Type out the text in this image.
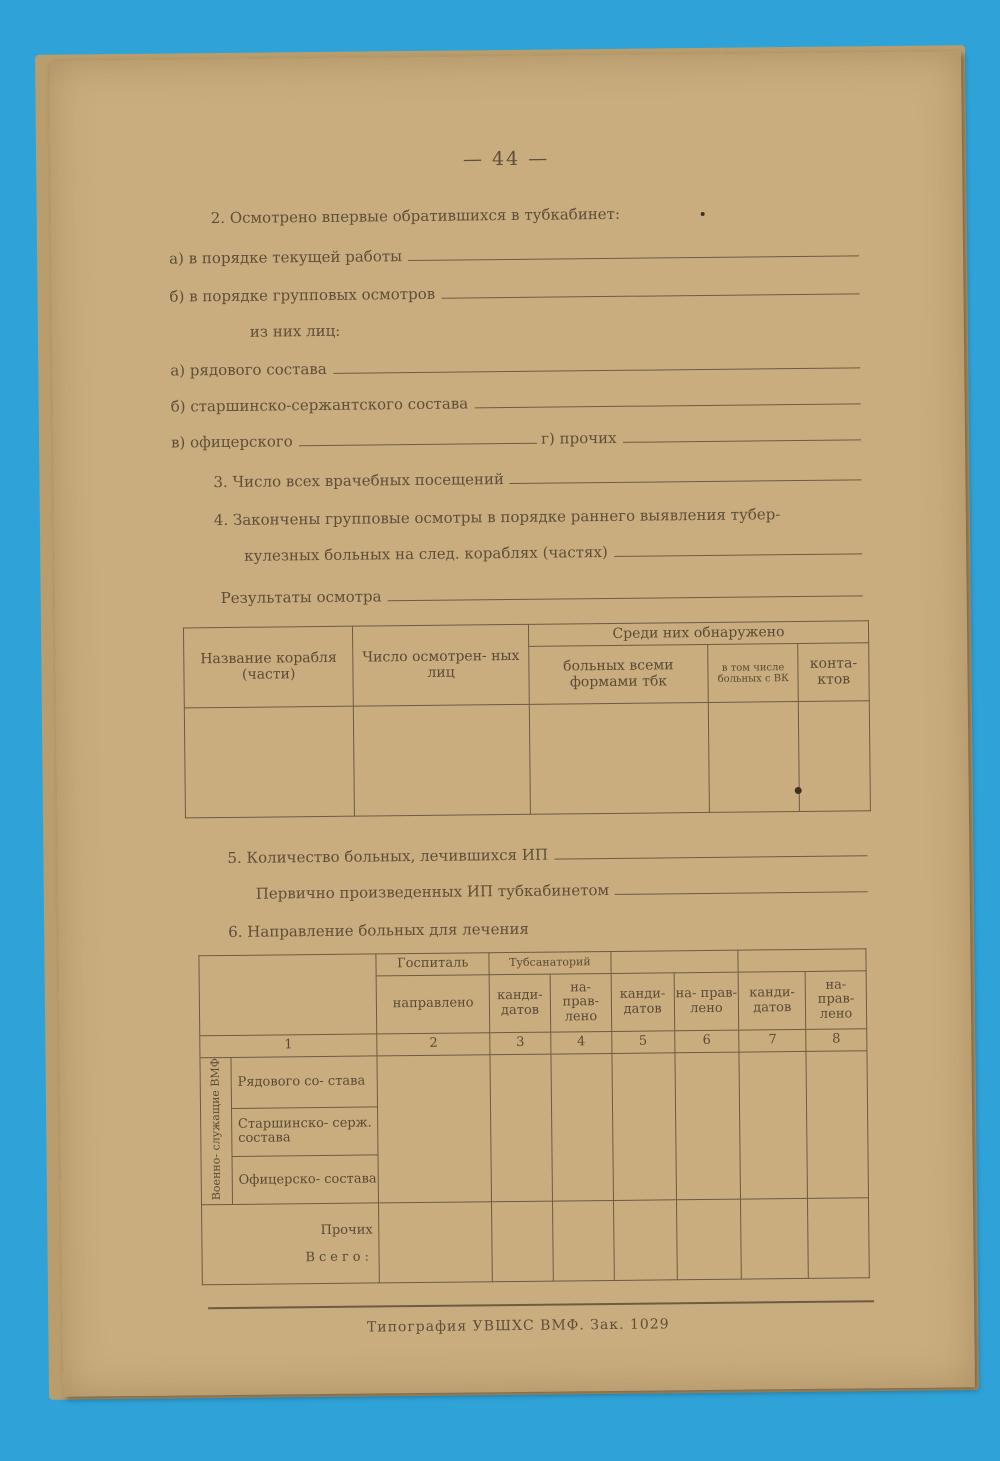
— 44 —
2. Осмотрено впервые обратившихся в тубкабинет:
а) в порядке текущей работы
б) в порядке групповых осмотров
из них лиц:
а) рядового состава
б) старшинско-сержантского состава
в) офицерского	г) прочих
3. Число всех врачебных посещений
4. Закончены групповые осмотры в порядке раннего выявления тубер-
кулезных больных на след. кораблях (частях)
Результаты осмотра
Название корабля (части)	Число осмотрен- ных лиц	Среди них обнаружено		
		больных всеми формами тбк	в том числе больных с ВК	конта- ктов

5. Количество больных, лечившихся ИП
Первично произведенных ИП тубкабинетом
6. Направление больных для лечения
		Госпиталь	Тубсанаторий					
		направлено	канди- датов	на- прав- лено	канди- датов	на- прав- лено	канди- датов	на- прав- лено
1		2	3	4	5	6	7	8
Военно- служащие ВМФ	Рядового со- става							
	Старшинско- серж. состава							
	Офицерско- состава							

Прочих
Всего:								

Типография УВШХС ВМФ. Зак. 1029
